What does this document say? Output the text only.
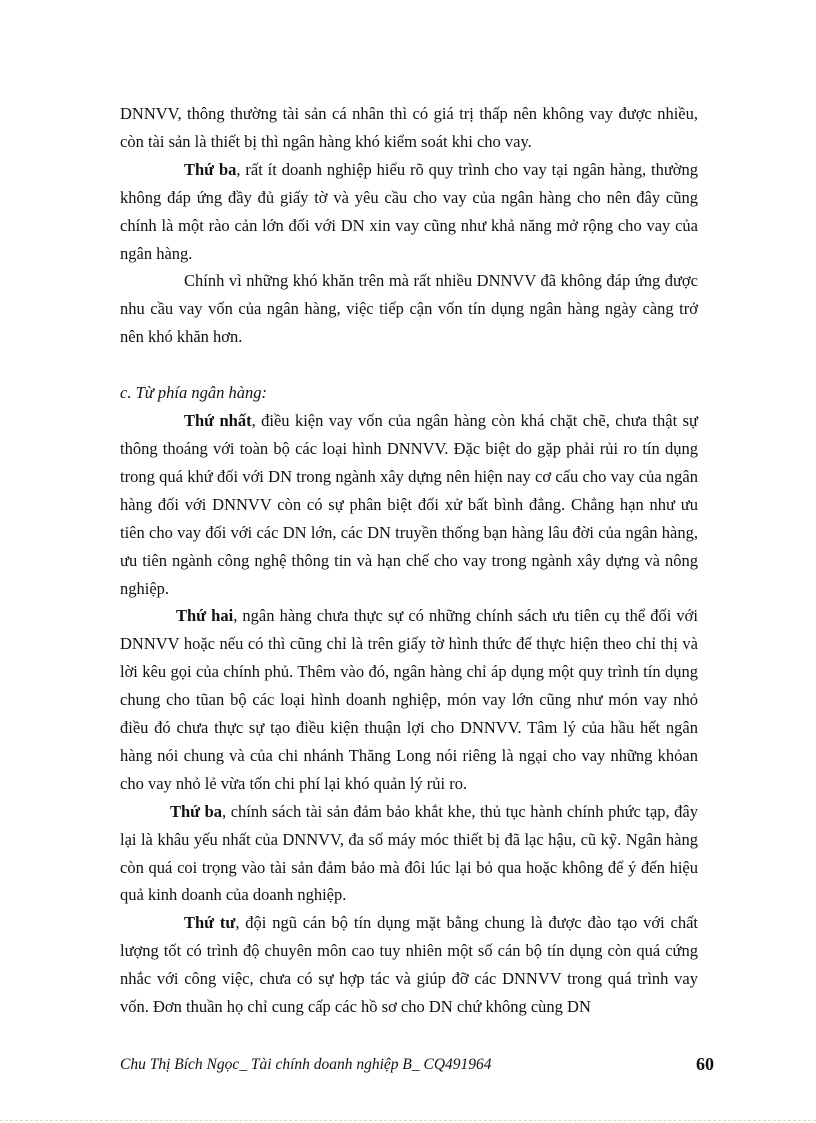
DNNVV, thông thường tài sản cá nhân thì có giá trị thấp nên không vay được nhiều, còn tài sản là thiết bị thì ngân hàng khó kiểm soát khi cho vay.

Thứ ba, rất ít doanh nghiệp hiểu rõ quy trình cho vay tại ngân hàng, thường không đáp ứng đầy đủ giấy tờ và yêu cầu cho vay của ngân hàng cho nên đây cũng chính là một rào cản lớn đối với DN xin vay cũng như khả năng mở rộng cho vay của ngân hàng.

Chính vì những khó khăn trên mà rất nhiều DNNVV đã không đáp ứng được nhu cầu vay vốn của ngân hàng, việc tiếp cận vốn tín dụng ngân hàng ngày càng trở nên khó khăn hơn.

c. Từ phía ngân hàng:

Thứ nhất, điều kiện vay vốn của ngân hàng còn khá chặt chẽ, chưa thật sự thông thoáng với toàn bộ các loại hình DNNVV. Đặc biệt do gặp phải rủi ro tín dụng trong quá khứ đối với DN trong ngành xây dựng nên hiện nay cơ cấu cho vay của ngân hàng đối với DNNVV còn có sự phân biệt đối xử bất bình đẳng. Chẳng hạn như ưu tiên cho vay đối với các DN lớn, các DN truyền thống bạn hàng lâu đời của ngân hàng, ưu tiên ngành công nghệ thông tin và hạn chế cho vay trong ngành xây dựng và nông nghiệp.

Thứ hai, ngân hàng chưa thực sự có những chính sách ưu tiên cụ thể đối với DNNVV hoặc nếu có thì cũng chỉ là trên giấy tờ hình thức để thực hiện theo chỉ thị và lời kêu gọi của chính phủ. Thêm vào đó, ngân hàng chỉ áp dụng một quy trình tín dụng chung cho tũan bộ các loại hình doanh nghiệp, món vay lớn cũng như món vay nhỏ điều đó chưa thực sự tạo điều kiện thuận lợi cho DNNVV. Tâm lý của hầu hết ngân hàng nói chung và của chi nhánh Thăng Long nói riêng là ngại cho vay những khỏan cho vay nhỏ lẻ vừa tốn chi phí lại khó quản lý rủi ro.

Thứ ba, chính sách tài sản đảm bảo khắt khe, thủ tục hành chính phức tạp, đây lại là khâu yếu nhất của DNNVV, đa số máy móc thiết bị đã lạc hậu, cũ kỹ. Ngân hàng còn quá coi trọng vào tài sản đảm bảo mà đôi lúc lại bỏ qua hoặc không để ý đến hiệu quả kinh doanh của doanh nghiệp.

Thứ tư, đội ngũ cán bộ tín dụng mặt bằng chung là được đào tạo với chất lượng tốt có trình độ chuyên môn cao tuy nhiên một số cán bộ tín dụng còn quá cứng nhắc với công việc, chưa có sự hợp tác và giúp đỡ các DNNVV trong quá trình vay vốn. Đơn thuần họ chỉ cung cấp các hồ sơ cho DN chứ không cùng DN

Chu Thị Bích Ngọc_ Tài chính doanh nghiệp B_ CQ491964	60
